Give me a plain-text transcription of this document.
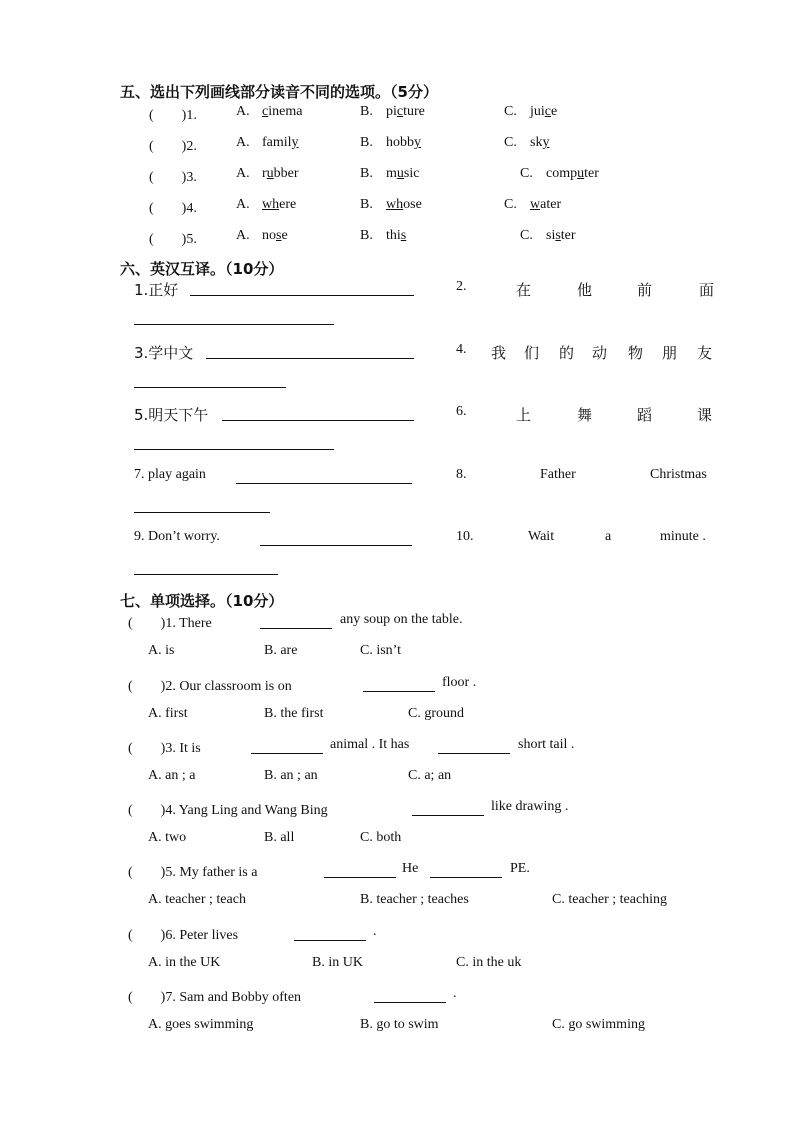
五、选出下列画线部分读音不同的选项。（5分）
(　　)1.	A. cinema	B. picture	C. juice
(　　)2.	A. family	B. hobby	C. sky
(　　)3.	A. rubber	B. music	C. computer
(　　)4.	A. where	B. whose	C. water
(　　)5.	A. nose	B. this	C. sister
六、英汉互译。（10分）
1.正好	2.	在	他	前	面
3.学中文	4. 我 们 的 动 物 朋 友
5.明天下午	6.	上	舞	蹈	课
7. play again	8.	Father	Christmas
9. Don’t worry.	10.	Wait	a	minute .
七、单项选择。（10分）
(　　)1. There	any soup on the table.
A. is	B. are	C. isn’t
(　　)2. Our classroom is on	floor .
A. first	B. the first	C. ground
(　　)3. It is	animal . It has	short tail .
A. an ; a	B. an ; an	C. a; an
(　　)4. Yang Ling and Wang Bing	like drawing .
A. two	B. all	C. both
(　　)5. My father is a	He	PE.
A. teacher ; teach	B. teacher ; teaches	C. teacher ; teaching
(　　)6. Peter lives	.
A. in the UK	B. in UK	C. in the uk
(　　)7. Sam and Bobby often	.
A. goes swimming	B. go to swim	C. go swimming
